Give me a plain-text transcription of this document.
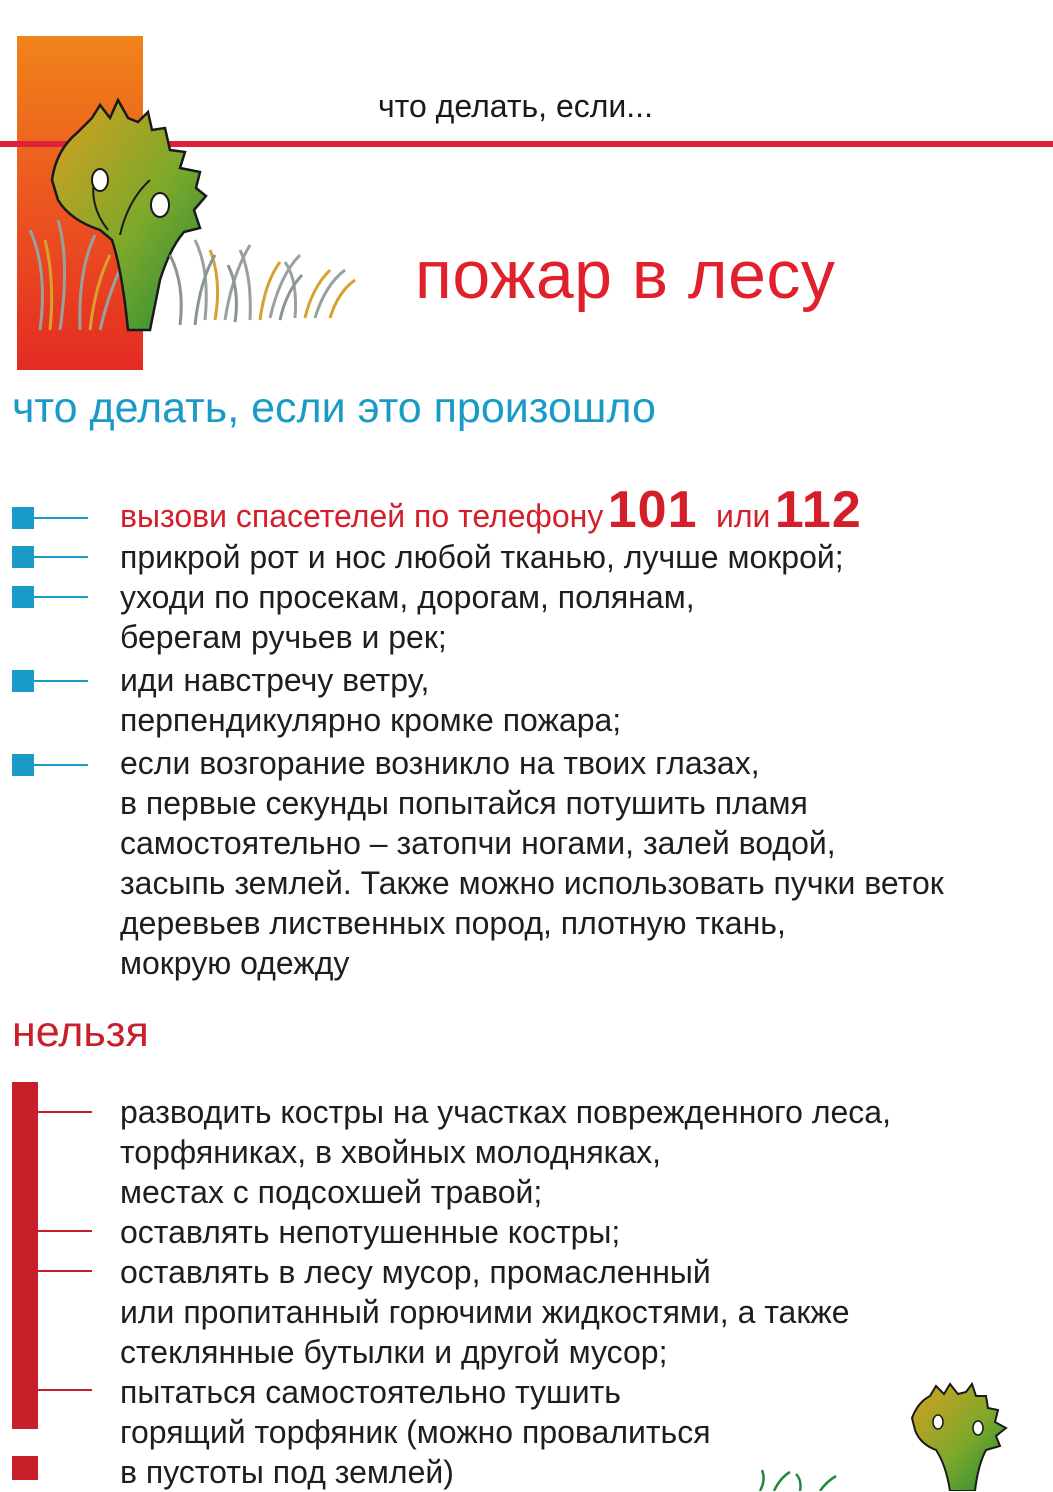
что делать, если...
пожар в лесу
что делать, если это произошло
вызови спасетелей по телефону 101 или 112
прикрой рот и нос любой тканью, лучше мокрой;
уходи по просекам, дорогам, полянам,
берегам ручьев и рек;
иди навстречу ветру,
перпендикулярно кромке пожара;
если возгорание возникло на твоих глазах,
в первые секунды попытайся потушить пламя
самостоятельно – затопчи ногами, залей водой,
засыпь землей. Также можно использовать пучки веток
деревьев лиственных пород, плотную ткань,
мокрую одежду
нельзя
разводить костры на участках поврежденного леса,
торфяниках, в хвойных молодняках,
местах с подсохшей травой;
оставлять непотушенные костры;
оставлять в лесу мусор, промасленный
или пропитанный горючими жидкостями, а также
стеклянные бутылки и другой мусор;
пытаться самостоятельно тушить
горящий торфяник (можно провалиться
в пустоты под землей)
